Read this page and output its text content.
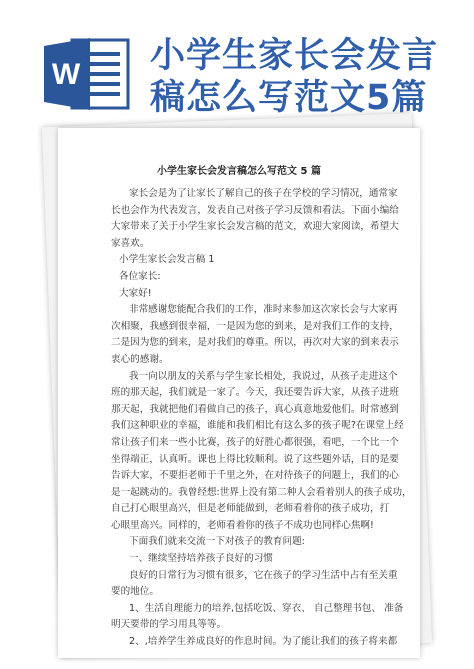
W 小学生家长会发言
稿怎么写范文5篇
小学生家长会发言稿怎么写范文 5 篇
家长会是为了让家长了解自己的孩子在学校的学习情况，通常家
长也会作为代表发言，发表自己对孩子学习反馈和看法。下面小编给
大家带来了关于小学生家长会发言稿的范文，欢迎大家阅读，希望大
家喜欢。
小学生家长会发言稿 1
各位家长:
大家好!
非常感谢您能配合我们的工作，准时来参加这次家长会与大家再
次相聚，我感到很幸福，一是因为您的到来，是对我们工作的支持，
二是因为您的到来，是对我们的尊重。所以，再次对大家的到来表示
衷心的感谢。
我一向以朋友的关系与学生家长相处，我说过，从孩子走进这个
班的那天起，我们就是一家了。今天，我还要告诉大家，从孩子进班
那天起，我就把他们看做自己的孩子，真心真意地爱他们。时常感到
我们这种职业的幸福，谁能和我们相比有这么多的孩子呢?在课堂上经
常让孩子们来一些小比赛，孩子的好胜心都很强，看吧，一个比一个
坐得端正，认真听。课也上得比较顺利。说了这些题外话，目的是要
告诉大家，不要拒老师于千里之外，在对待孩子的问题上，我们的心
是一起跳动的。我曾经想:世界上没有第二种人会看着别人的孩子成功，
自己打心眼里高兴，但是老师能做到，老师看着你的孩子成功，打
心眼里高兴。同样的，老师看着你的孩子不成功也同样心焦啊!
下面我们就来交流一下对孩子的教育问题:
一、继续坚持培养孩子良好的习惯
良好的日常行为习惯有很多，它在孩子的学习生活中占有至关重
要的地位。
1、生活自理能力的培养,包括吃饭、穿衣、 自己整理书包、 准备
明天要带的学习用具等等。
2、,培养学生养成良好的作息时间。为了能让我们的孩子将来都
